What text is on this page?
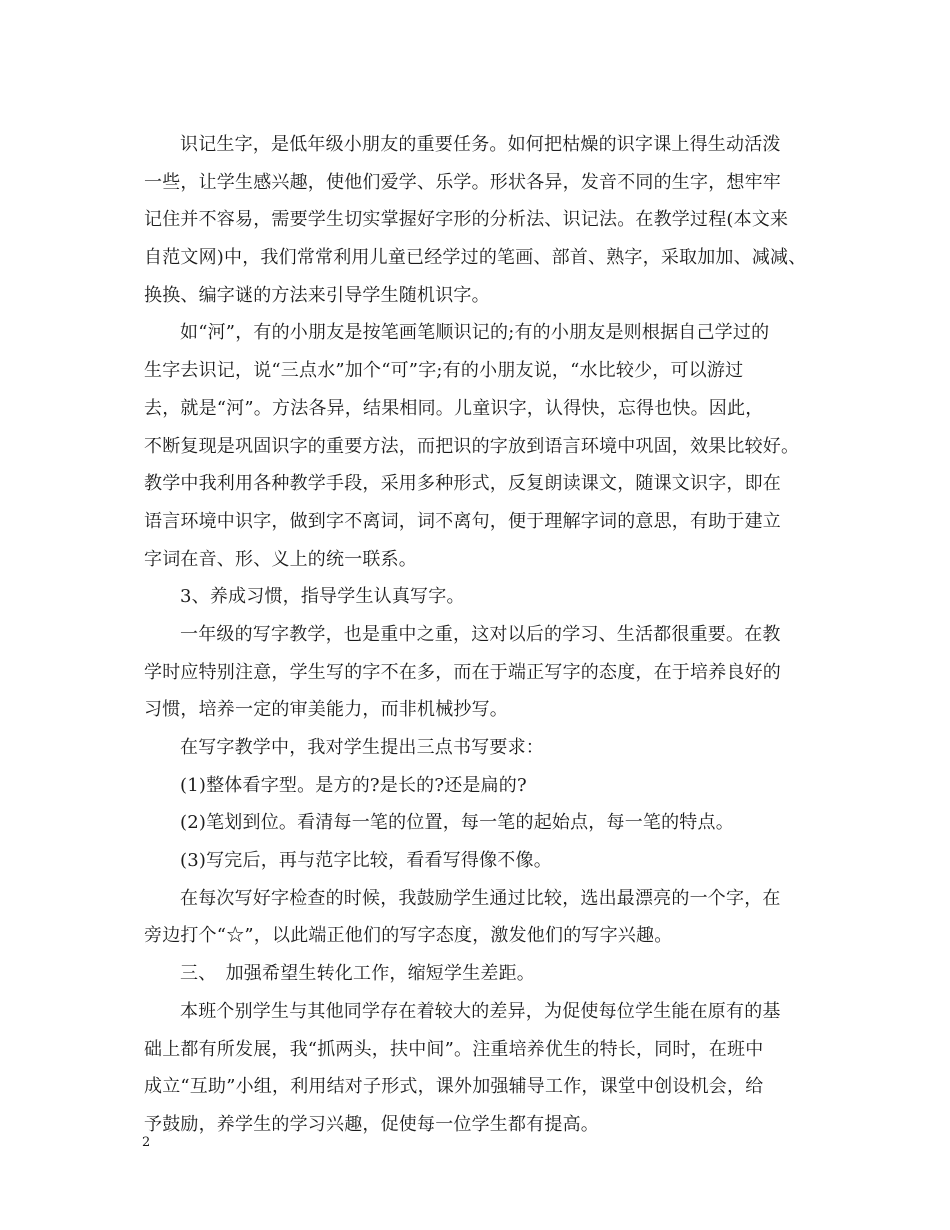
识记生字，是低年级小朋友的重要任务。如何把枯燥的识字课上得生动活泼
一些，让学生感兴趣，使他们爱学、乐学。形状各异，发音不同的生字，想牢牢
记住并不容易，需要学生切实掌握好字形的分析法、识记法。在教学过程(本文来
自范文网)中，我们常常利用儿童已经学过的笔画、部首、熟字，采取加加、减减、
换换、编字谜的方法来引导学生随机识字。
如“河”，有的小朋友是按笔画笔顺识记的;有的小朋友是则根据自己学过的
生字去识记，说“三点水”加个“可”字;有的小朋友说，“水比较少，可以游过
去，就是“河”。方法各异，结果相同。儿童识字，认得快，忘得也快。因此，
不断复现是巩固识字的重要方法，而把识的字放到语言环境中巩固，效果比较好。
教学中我利用各种教学手段，采用多种形式，反复朗读课文，随课文识字，即在
语言环境中识字，做到字不离词，词不离句，便于理解字词的意思，有助于建立
字词在音、形、义上的统一联系。
3、养成习惯，指导学生认真写字。
一年级的写字教学，也是重中之重，这对以后的学习、生活都很重要。在教
学时应特别注意，学生写的字不在多，而在于端正写字的态度，在于培养良好的
习惯，培养一定的审美能力，而非机械抄写。
在写字教学中，我对学生提出三点书写要求：
(1)整体看字型。是方的?是长的?还是扁的?
(2)笔划到位。看清每一笔的位置，每一笔的起始点，每一笔的特点。
(3)写完后，再与范字比较，看看写得像不像。
在每次写好字检查的时候，我鼓励学生通过比较，选出最漂亮的一个字，在
旁边打个“☆”，以此端正他们的写字态度，激发他们的写字兴趣。
三、　加强希望生转化工作，缩短学生差距。
本班个别学生与其他同学存在着较大的差异，为促使每位学生能在原有的基
础上都有所发展，我“抓两头，扶中间”。注重培养优生的特长，同时，在班中
成立“互助”小组，利用结对子形式，课外加强辅导工作，课堂中创设机会，给
予鼓励，养学生的学习兴趣，促使每一位学生都有提高。
2
